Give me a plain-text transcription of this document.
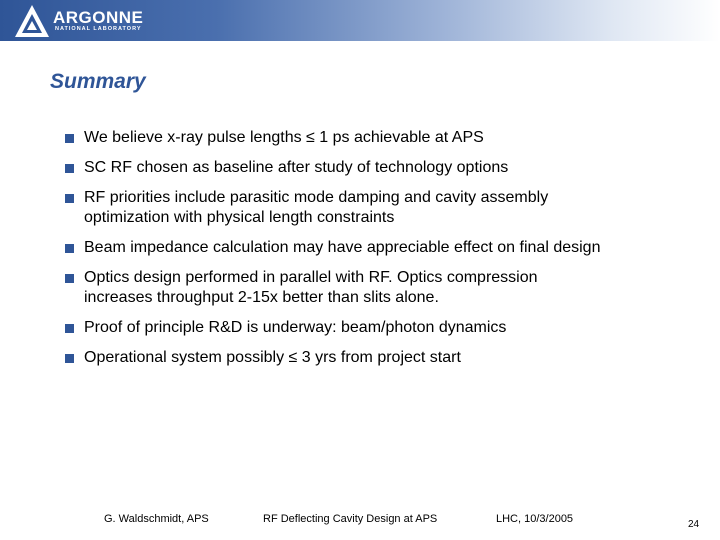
ARGONNE
NATIONAL LABORATORY
Summary
We believe x-ray pulse lengths ≤ 1 ps achievable at APS
SC RF chosen as baseline after study of technology options
RF priorities include parasitic mode damping and cavity assembly
optimization with physical length constraints
Beam impedance calculation may have appreciable effect on final design
Optics design performed in parallel with RF. Optics compression
increases throughput 2-15x better than slits alone.
Proof of principle R&D is underway: beam/photon dynamics
Operational system possibly ≤ 3 yrs from project start
G. Waldschmidt, APS	RF Deflecting Cavity Design at APS	LHC, 10/3/2005	24
